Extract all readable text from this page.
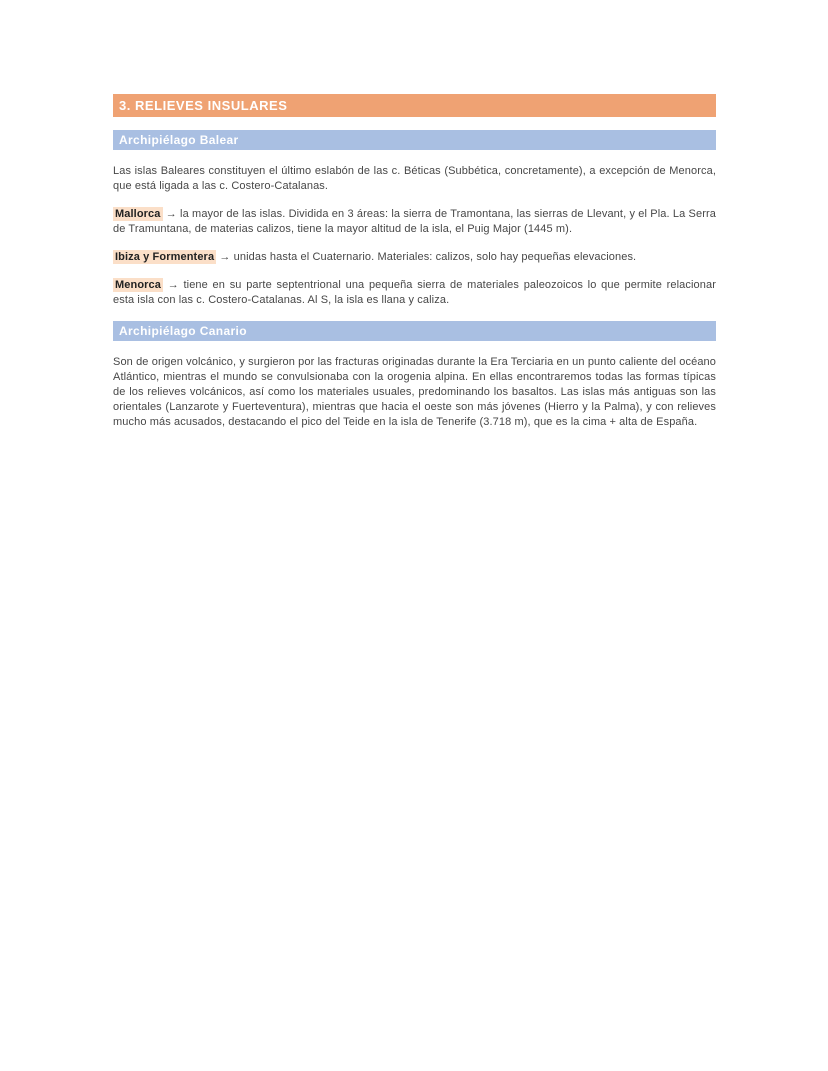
3. RELIEVES INSULARES
Archipiélago Balear

Las islas Baleares constituyen el último eslabón de las c. Béticas (Subbética, concretamente), a excepción de Menorca, que está ligada a las c. Costero-Catalanas.

Mallorca → la mayor de las islas. Dividida en 3 áreas: la sierra de Tramontana, las sierras de Llevant, y el Pla. La Serra de Tramuntana, de materias calizos, tiene la mayor altitud de la isla, el Puig Major (1445 m).

Ibiza y Formentera → unidas hasta el Cuaternario. Materiales: calizos, solo hay pequeñas elevaciones.

Menorca → tiene en su parte septentrional una pequeña sierra de materiales paleozoicos lo que permite relacionar esta isla con las c. Costero-Catalanas. Al S, la isla es llana y caliza.

Archipiélago Canario

Son de origen volcánico, y surgieron por las fracturas originadas durante la Era Terciaria en un punto caliente del océano Atlántico, mientras el mundo se convulsionaba con la orogenia alpina. En ellas encontraremos todas las formas típicas de los relieves volcánicos, así como los materiales usuales, predominando los basaltos. Las islas más antiguas son las orientales (Lanzarote y Fuerteventura), mientras que hacia el oeste son más jóvenes (Hierro y la Palma), y con relieves mucho más acusados, destacando el pico del Teide en la isla de Tenerife (3.718 m), que es la cima + alta de España.
